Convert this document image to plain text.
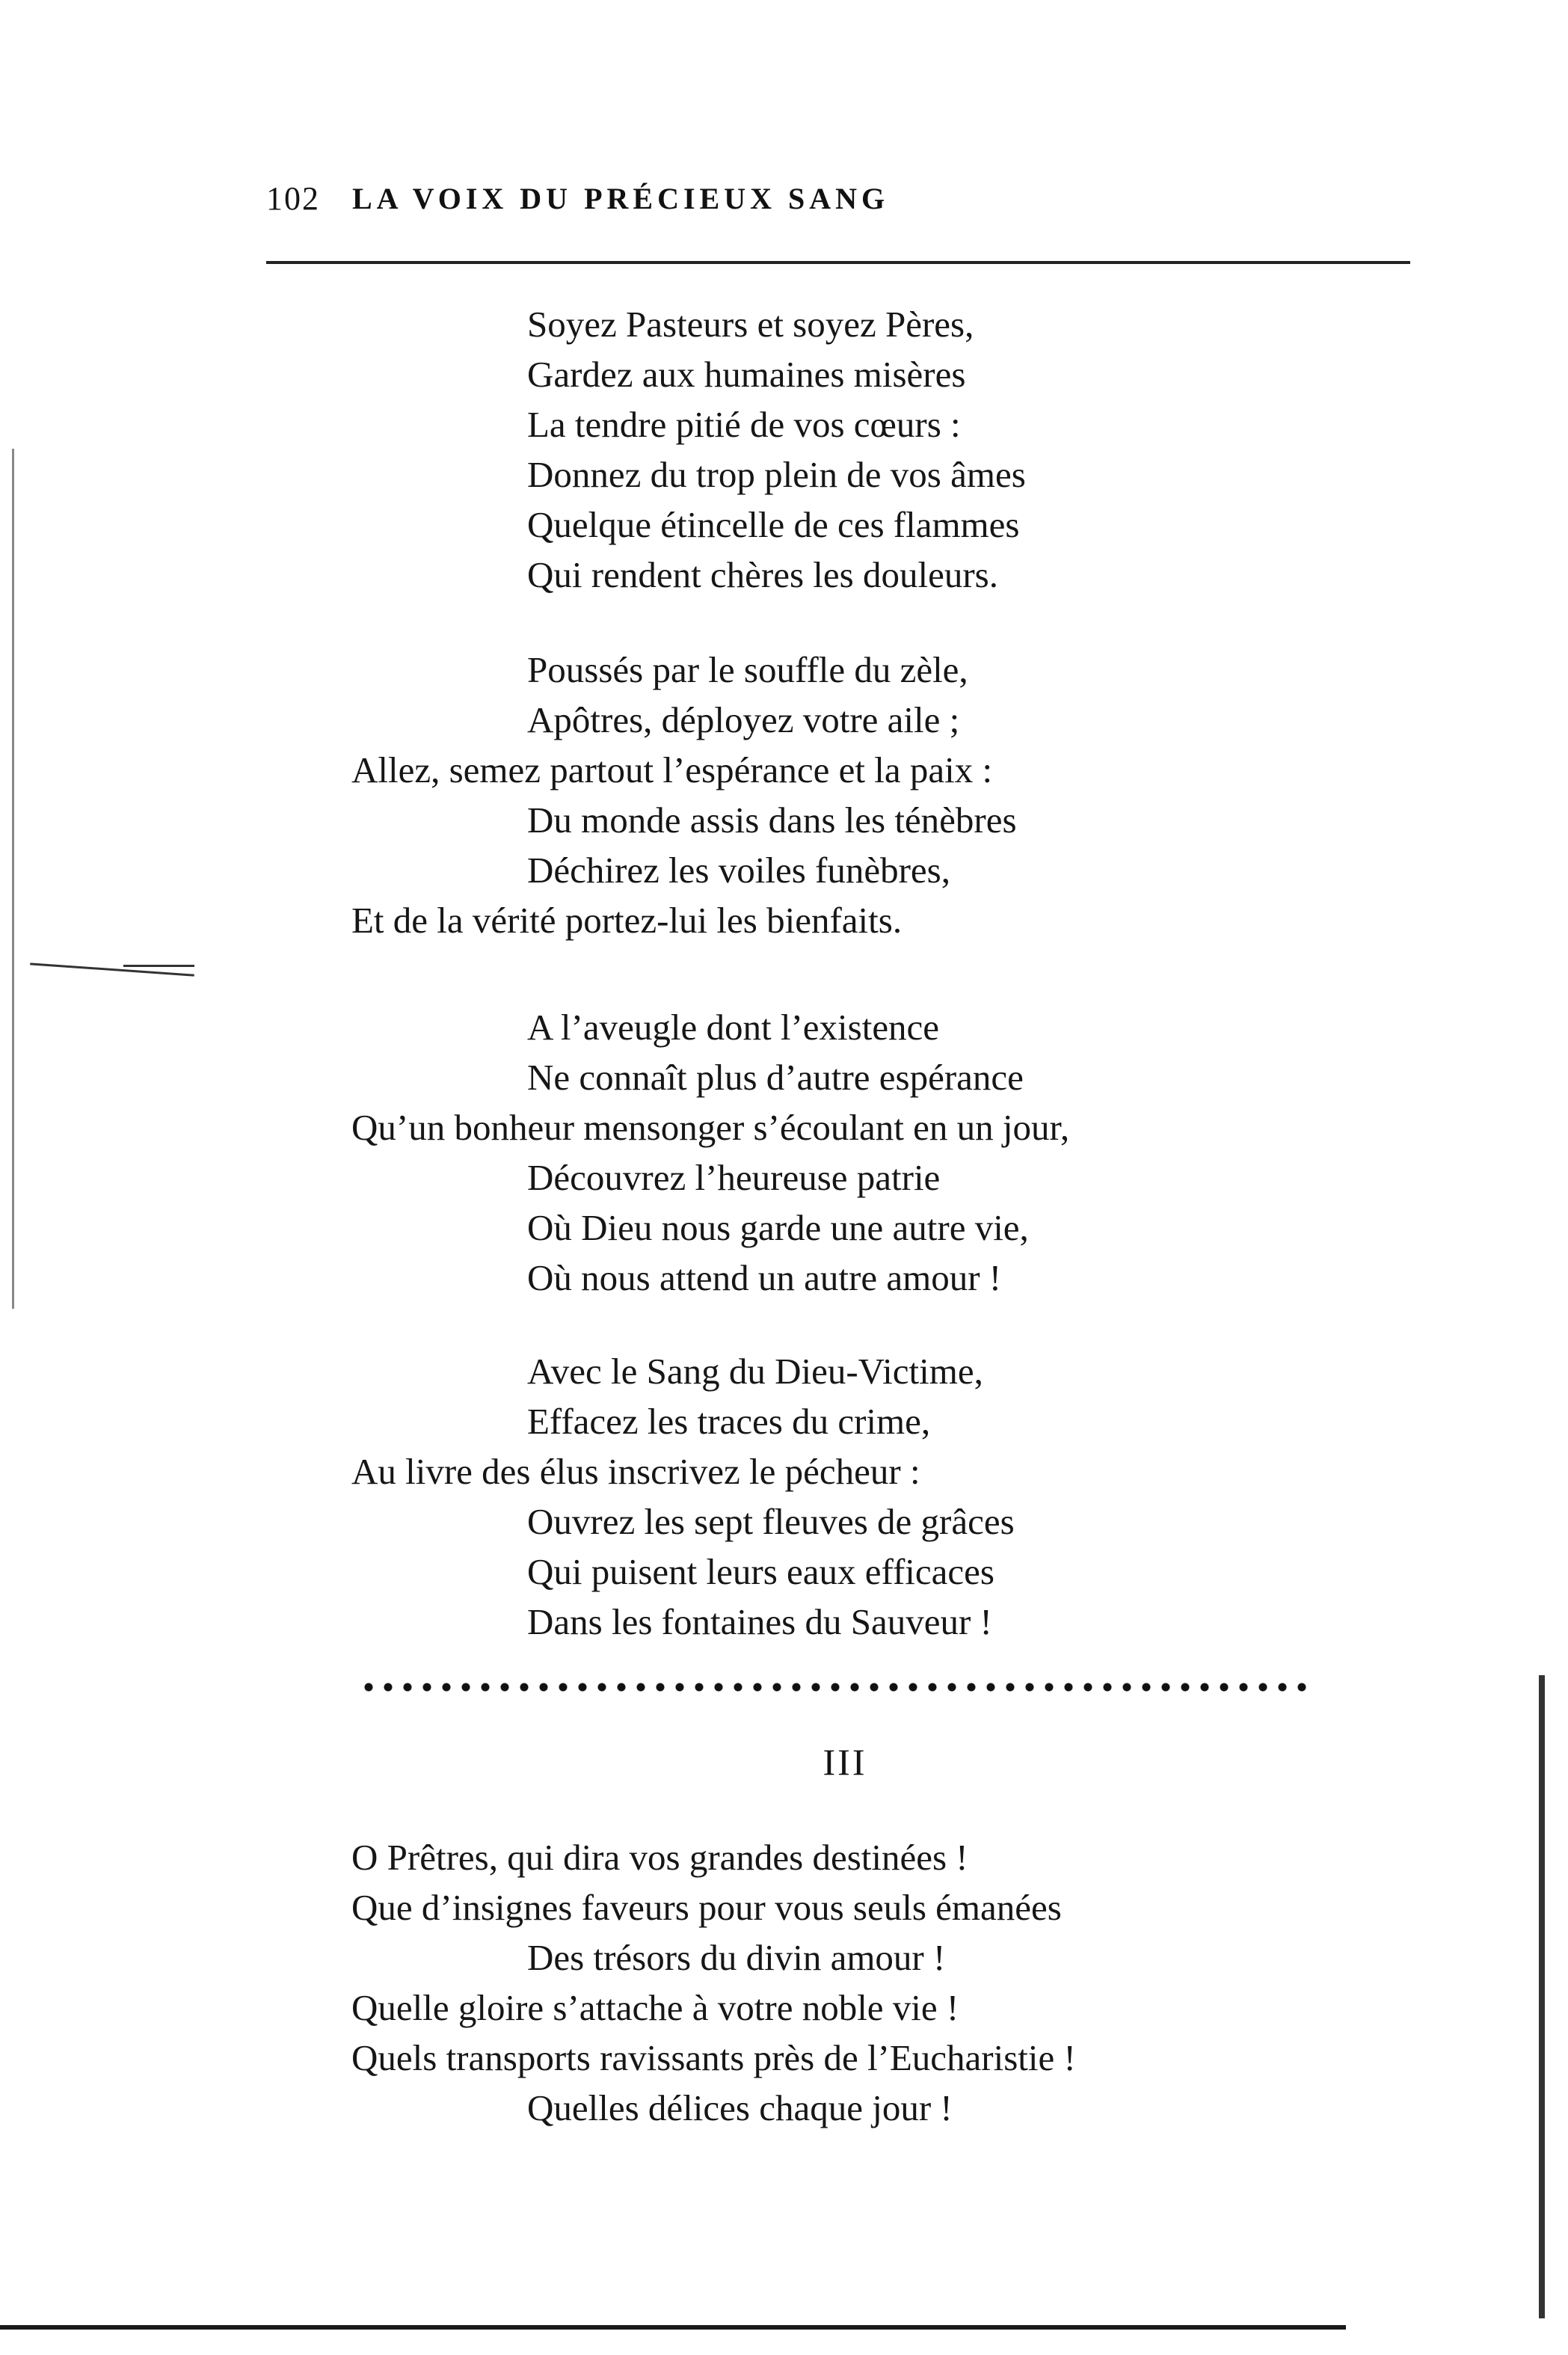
102 LA VOIX DU PRÉCIEUX SANG
Soyez Pasteurs et soyez Pères,
Gardez aux humaines misères
La tendre pitié de vos cœurs :
Donnez du trop plein de vos âmes
Quelque étincelle de ces flammes
Qui rendent chères les douleurs.
Poussés par le souffle du zèle,
Apôtres, déployez votre aile ;
Allez, semez partout l’espérance et la paix :
Du monde assis dans les ténèbres
Déchirez les voiles funèbres,
Et de la vérité portez-lui les bienfaits.
A l’aveugle dont l’existence
Ne connaît plus d’autre espérance
Qu’un bonheur mensonger s’écoulant en un jour,
Découvrez l’heureuse patrie
Où Dieu nous garde une autre vie,
Où nous attend un autre amour !
Avec le Sang du Dieu-Victime,
Effacez les traces du crime,
Au livre des élus inscrivez le pécheur :
Ouvrez les sept fleuves de grâces
Qui puisent leurs eaux efficaces
Dans les fontaines du Sauveur !
III
O Prêtres, qui dira vos grandes destinées !
Que d’insignes faveurs pour vous seuls émanées
Des trésors du divin amour !
Quelle gloire s’attache à votre noble vie !
Quels transports ravissants près de l’Eucharistie !
Quelles délices chaque jour !
